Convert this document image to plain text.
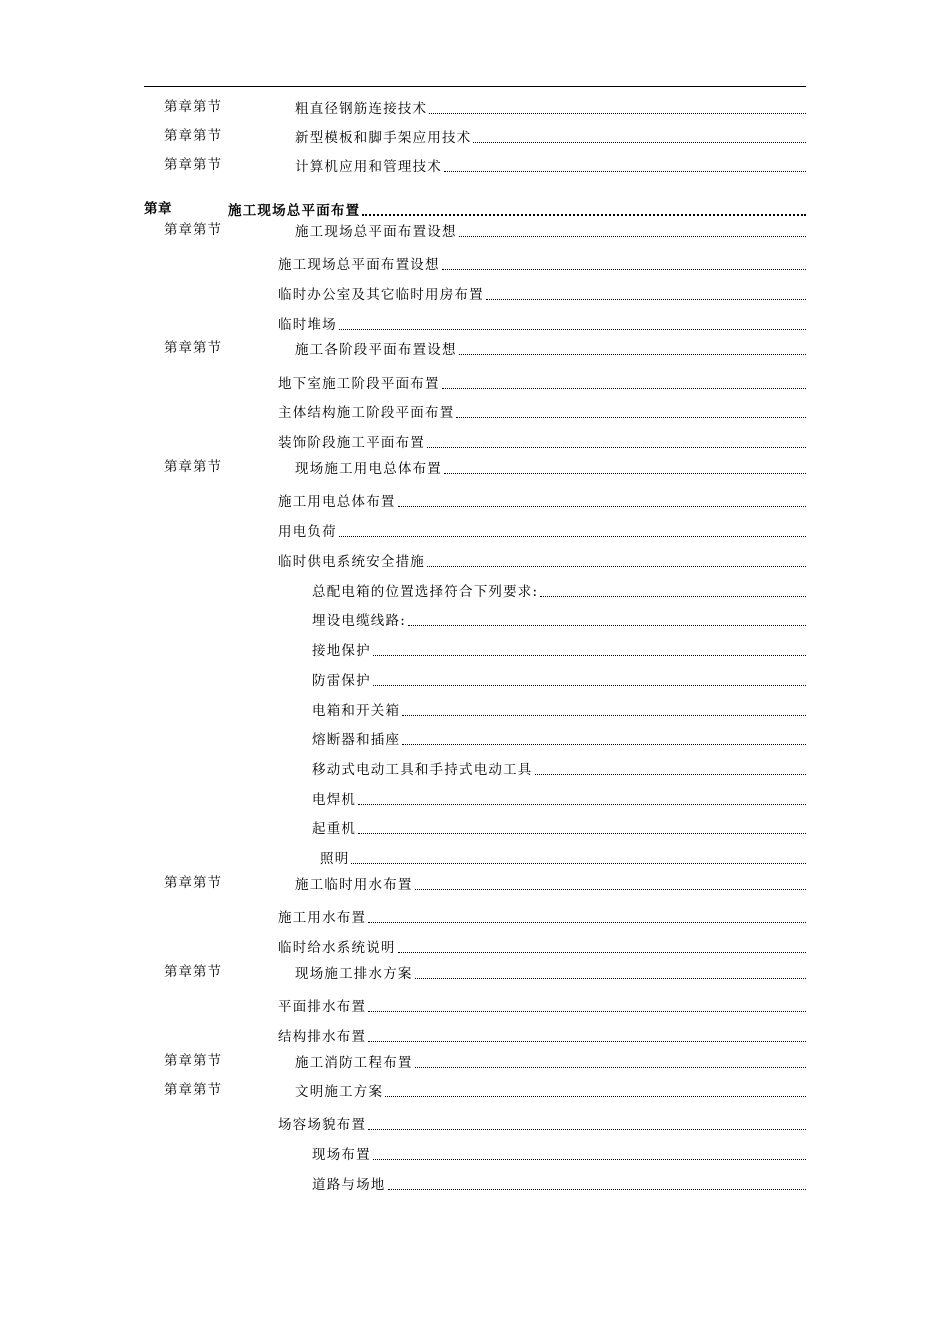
第章第节	粗直径钢筋连接技术
第章第节	新型模板和脚手架应用技术
第章第节	计算机应用和管理技术
第章	施工现场总平面布置
第章第节	施工现场总平面布置设想
施工现场总平面布置设想
临时办公室及其它临时用房布置
临时堆场
第章第节	施工各阶段平面布置设想
地下室施工阶段平面布置
主体结构施工阶段平面布置
装饰阶段施工平面布置
第章第节	现场施工用电总体布置
施工用电总体布置
用电负荷
临时供电系统安全措施
总配电箱的位置选择符合下列要求:
埋设电缆线路:
接地保护
防雷保护
电箱和开关箱
熔断器和插座
移动式电动工具和手持式电动工具
电焊机
起重机
照明
第章第节	施工临时用水布置
施工用水布置
临时给水系统说明
第章第节	现场施工排水方案
平面排水布置
结构排水布置
第章第节	施工消防工程布置
第章第节	文明施工方案
场容场貌布置
现场布置
道路与场地
